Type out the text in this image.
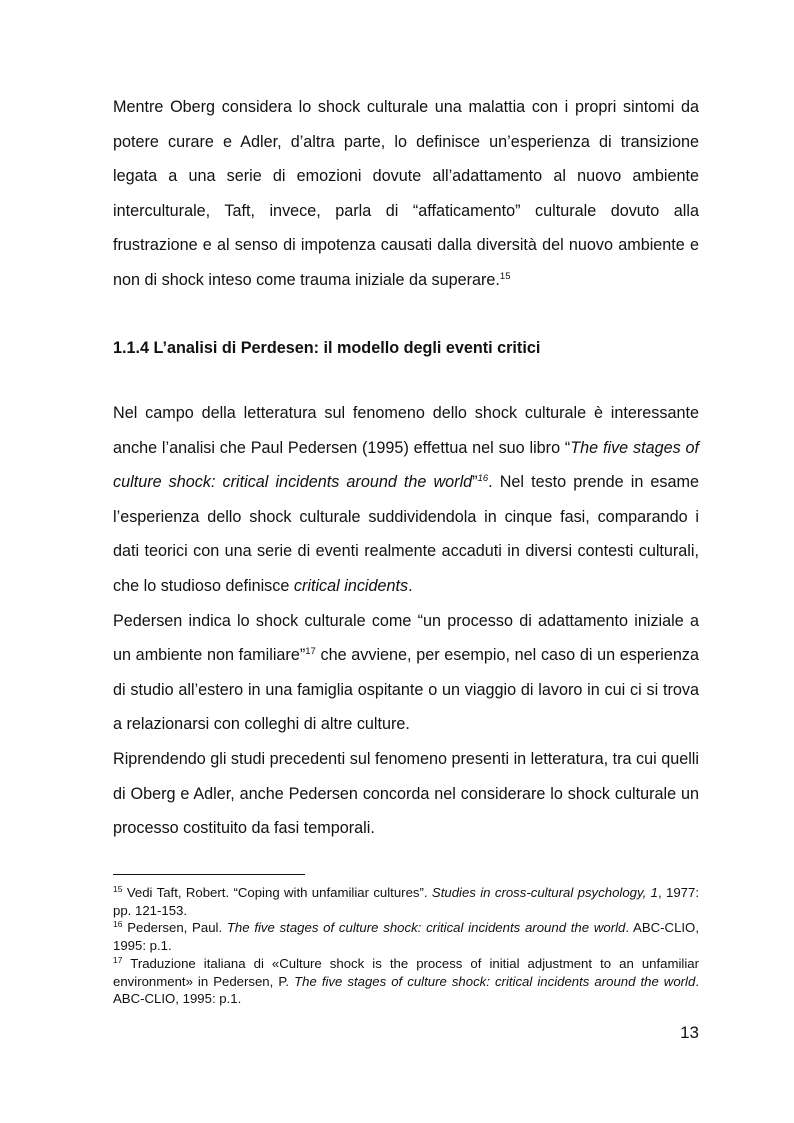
Mentre Oberg considera lo shock culturale una malattia con i propri sintomi da potere curare e Adler, d’altra parte, lo definisce un’esperienza di transizione legata a una serie di emozioni dovute all’adattamento al nuovo ambiente interculturale, Taft, invece, parla di “affaticamento” culturale dovuto alla frustrazione e al senso di impotenza causati dalla diversità del nuovo ambiente e non di shock inteso come trauma iniziale da superare.$^{15}$

1.1.4 L’analisi di Perdesen: il modello degli eventi critici

Nel campo della letteratura sul fenomeno dello shock culturale è interessante anche l’analisi che Paul Pedersen (1995) effettua nel suo libro “The five stages of culture shock: critical incidents around the world”$^{16}$. Nel testo prende in esame l’esperienza dello shock culturale suddividendola in cinque fasi, comparando i dati teorici con una serie di eventi realmente accaduti in diversi contesti culturali, che lo studioso definisce critical incidents.

Pedersen indica lo shock culturale come “un processo di adattamento iniziale a un ambiente non familiare”$^{17}$ che avviene, per esempio, nel caso di un esperienza di studio all’estero in una famiglia ospitante o un viaggio di lavoro in cui ci si trova a relazionarsi con colleghi di altre culture.

Riprendendo gli studi precedenti sul fenomeno presenti in letteratura, tra cui quelli di Oberg e Adler, anche Pedersen concorda nel considerare lo shock culturale un processo costituito da fasi temporali.

$^{15}$ Vedi Taft, Robert. “Coping with unfamiliar cultures”. Studies in cross-cultural psychology, 1, 1977: pp. 121-153.

$^{16}$ Pedersen, Paul. The five stages of culture shock: critical incidents around the world. ABC-CLIO, 1995: p.1.

$^{17}$ Traduzione italiana di «Culture shock is the process of initial adjustment to an unfamiliar environment» in Pedersen, P. The five stages of culture shock: critical incidents around the world. ABC-CLIO, 1995: p.1.

13
